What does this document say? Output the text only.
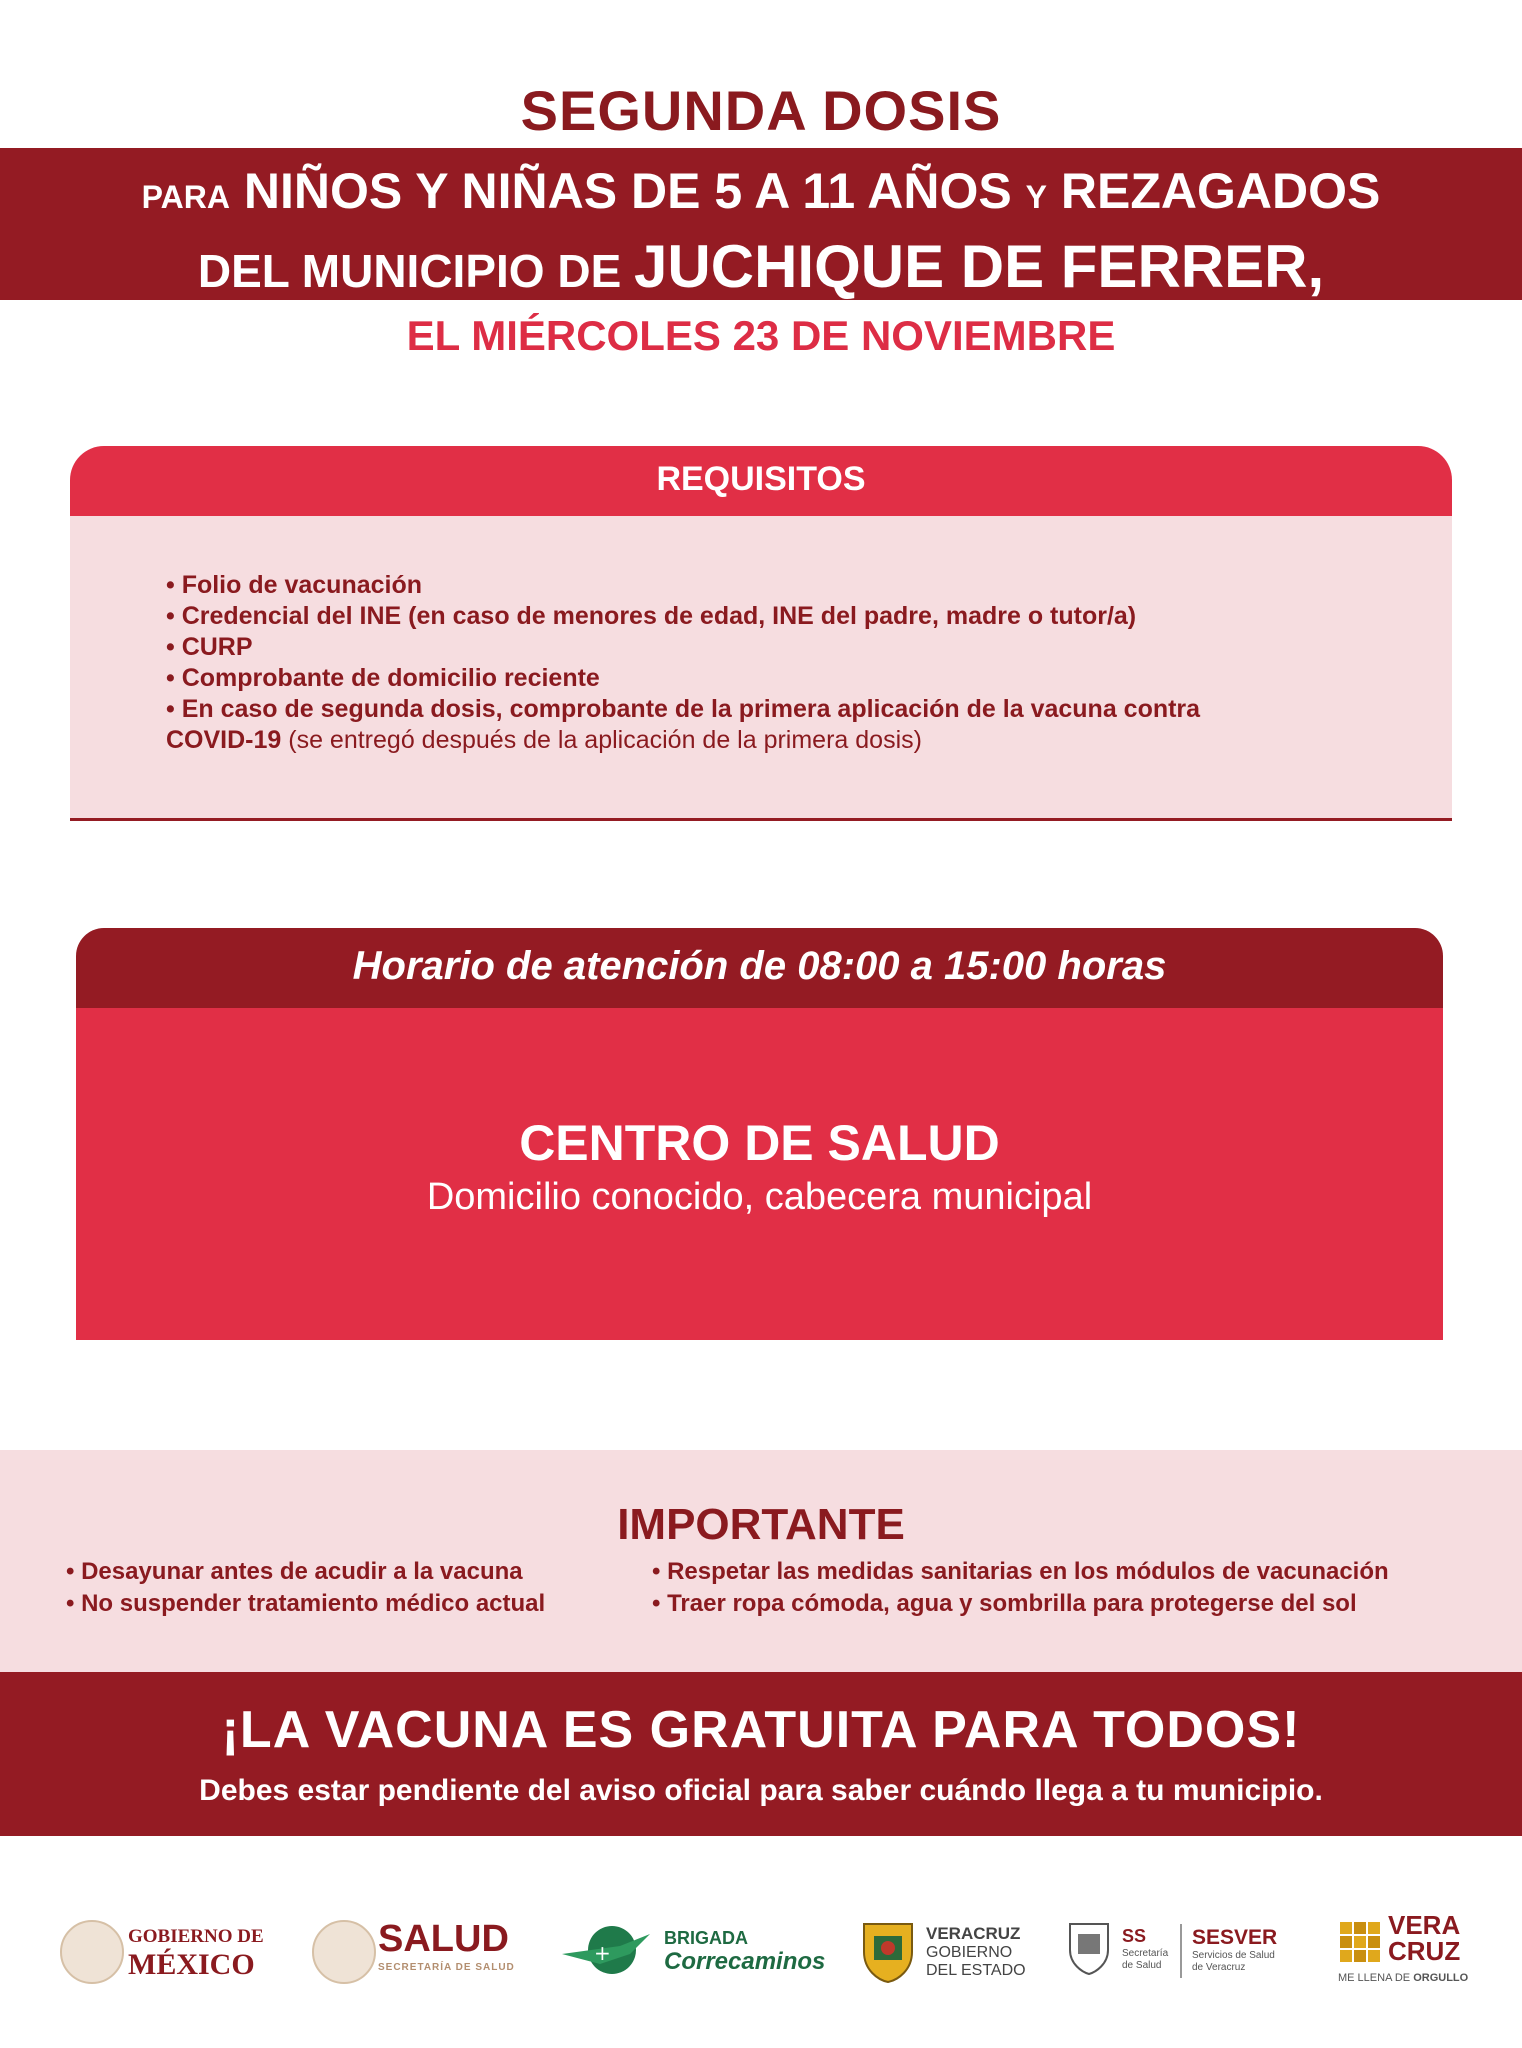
SEGUNDA DOSIS
PARA NIÑOS Y NIÑAS DE 5 A 11 AÑOS Y REZAGADOS
DEL MUNICIPIO DE JUCHIQUE DE FERRER,
EL MIÉRCOLES 23 DE NOVIEMBRE
REQUISITOS
• Folio de vacunación
• Credencial del INE (en caso de menores de edad, INE del padre, madre o tutor/a)
• CURP
• Comprobante de domicilio reciente
• En caso de segunda dosis, comprobante de la primera aplicación de la vacuna contra
COVID-19 (se entregó después de la aplicación de la primera dosis)
Horario de atención de 08:00 a 15:00 horas
CENTRO DE SALUD
Domicilio conocido, cabecera municipal
IMPORTANTE
• Desayunar antes de acudir a la vacuna
• No suspender tratamiento médico actual
• Respetar las medidas sanitarias en los módulos de vacunación
• Traer ropa cómoda, agua y sombrilla para protegerse del sol
¡LA VACUNA ES GRATUITA PARA TODOS!
Debes estar pendiente del aviso oficial para saber cuándo llega a tu municipio.
GOBIERNO DE
MÉXICO
SALUD
SECRETARÍA DE SALUD
+
BRIGADA
Correcaminos
VERACRUZ
GOBIERNO
DEL ESTADO
SS
Secretaría
de Salud
SESVER
Servicios de Salud
de Veracruz
VERA
CRUZ
ME LLENA DE ORGULLO
